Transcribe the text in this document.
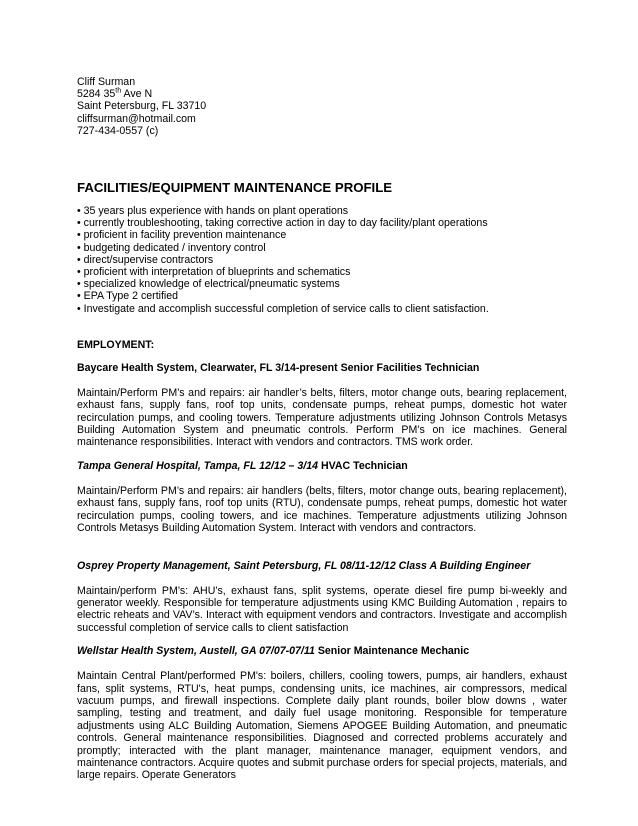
Cliff Surman
5284 35th Ave N
Saint Petersburg, FL 33710
cliffsurman@hotmail.com
727-434-0557 (c)
FACILITIES/EQUIPMENT MAINTENANCE PROFILE
• 35 years plus experience with hands on plant operations
• currently troubleshooting, taking corrective action in day to day facility/plant operations
• proficient in facility prevention maintenance
• budgeting dedicated / inventory control
• direct/supervise contractors
• proficient with interpretation of blueprints and schematics
• specialized knowledge of electrical/pneumatic systems
• EPA Type 2 certified
• Investigate and accomplish successful completion of service calls to client satisfaction.
EMPLOYMENT:
Baycare Health System, Clearwater, FL 3/14-present Senior Facilities Technician
Maintain/Perform PM’s and repairs: air handler’s belts, filters, motor change outs, bearing replacement, exhaust fans, supply fans, roof top units, condensate pumps, reheat pumps, domestic hot water recirculation pumps, and cooling towers. Temperature adjustments utilizing Johnson Controls Metasys Building Automation System and pneumatic controls. Perform PM’s on ice machines. General maintenance responsibilities. Interact with vendors and contractors. TMS work order.
Tampa General Hospital, Tampa, FL 12/12 – 3/14 HVAC Technician
Maintain/Perform PM’s and repairs: air handlers (belts, filters, motor change outs, bearing replacement), exhaust fans, supply fans, roof top units (RTU), condensate pumps, reheat pumps, domestic hot water recirculation pumps, cooling towers, and ice machines. Temperature adjustments utilizing Johnson Controls Metasys Building Automation System. Interact with vendors and contractors.
Osprey Property Management, Saint Petersburg, FL 08/11-12/12 Class A Building Engineer
Maintain/perform PM’s: AHU’s, exhaust fans, split systems, operate diesel fire pump bi-weekly and generator weekly. Responsible for temperature adjustments using KMC Building Automation , repairs to electric reheats and VAV’s. Interact with equipment vendors and contractors. Investigate and accomplish successful completion of service calls to client satisfaction
Wellstar Health System, Austell, GA 07/07-07/11 Senior Maintenance Mechanic
Maintain Central Plant/performed PM's: boilers, chillers, cooling towers, pumps, air handlers, exhaust fans, split systems, RTU's, heat pumps, condensing units, ice machines, air compressors, medical vacuum pumps, and firewall inspections. Complete daily plant rounds, boiler blow downs , water sampling, testing and treatment, and daily fuel usage monitoring. Responsible for temperature adjustments using ALC Building Automation, Siemens APOGEE Building Automation, and pneumatic controls. General maintenance responsibilities. Diagnosed and corrected problems accurately and promptly; interacted with the plant manager, maintenance manager, equipment vendors, and maintenance contractors. Acquire quotes and submit purchase orders for special projects, materials, and large repairs. Operate Generators
